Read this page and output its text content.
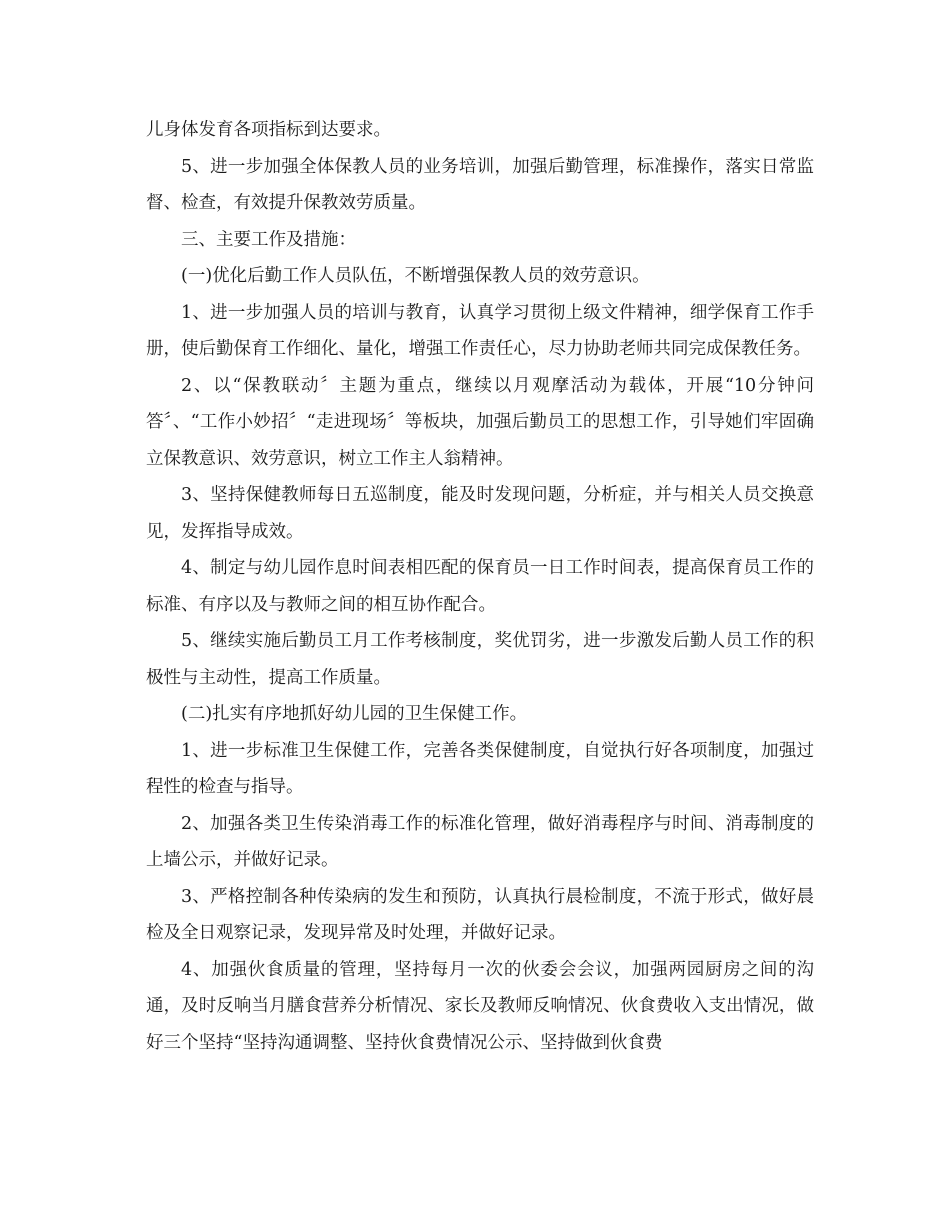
儿身体发育各项指标到达要求。

5、进一步加强全体保教人员的业务培训，加强后勤管理，标准操作，落实日常监督、检查，有效提升保教效劳质量。

三、主要工作及措施：

(一)优化后勤工作人员队伍，不断增强保教人员的效劳意识。

1、进一步加强人员的培训与教育，认真学习贯彻上级文件精神，细学保育工作手册，使后勤保育工作细化、量化，增强工作责任心，尽力协助老师共同完成保教任务。

2、以“保教联动〞主题为重点，继续以月观摩活动为载体，开展“10分钟问答〞、“工作小妙招〞“走进现场〞等板块，加强后勤员工的思想工作，引导她们牢固确立保教意识、效劳意识，树立工作主人翁精神。

3、坚持保健教师每日五巡制度，能及时发现问题，分析症，并与相关人员交换意见，发挥指导成效。

4、制定与幼儿园作息时间表相匹配的保育员一日工作时间表，提高保育员工作的标准、有序以及与教师之间的相互协作配合。

5、继续实施后勤员工月工作考核制度，奖优罚劣，进一步激发后勤人员工作的积极性与主动性，提高工作质量。

(二)扎实有序地抓好幼儿园的卫生保健工作。

1、进一步标准卫生保健工作，完善各类保健制度，自觉执行好各项制度，加强过程性的检查与指导。

2、加强各类卫生传染消毒工作的标准化管理，做好消毒程序与时间、消毒制度的上墙公示，并做好记录。

3、严格控制各种传染病的发生和预防，认真执行晨检制度，不流于形式，做好晨检及全日观察记录，发现异常及时处理，并做好记录。

4、加强伙食质量的管理，坚持每月一次的伙委会会议，加强两园厨房之间的沟通，及时反响当月膳食营养分析情况、家长及教师反响情况、伙食费收入支出情况，做好三个坚持“坚持沟通调整、坚持伙食费情况公示、坚持做到伙食费
